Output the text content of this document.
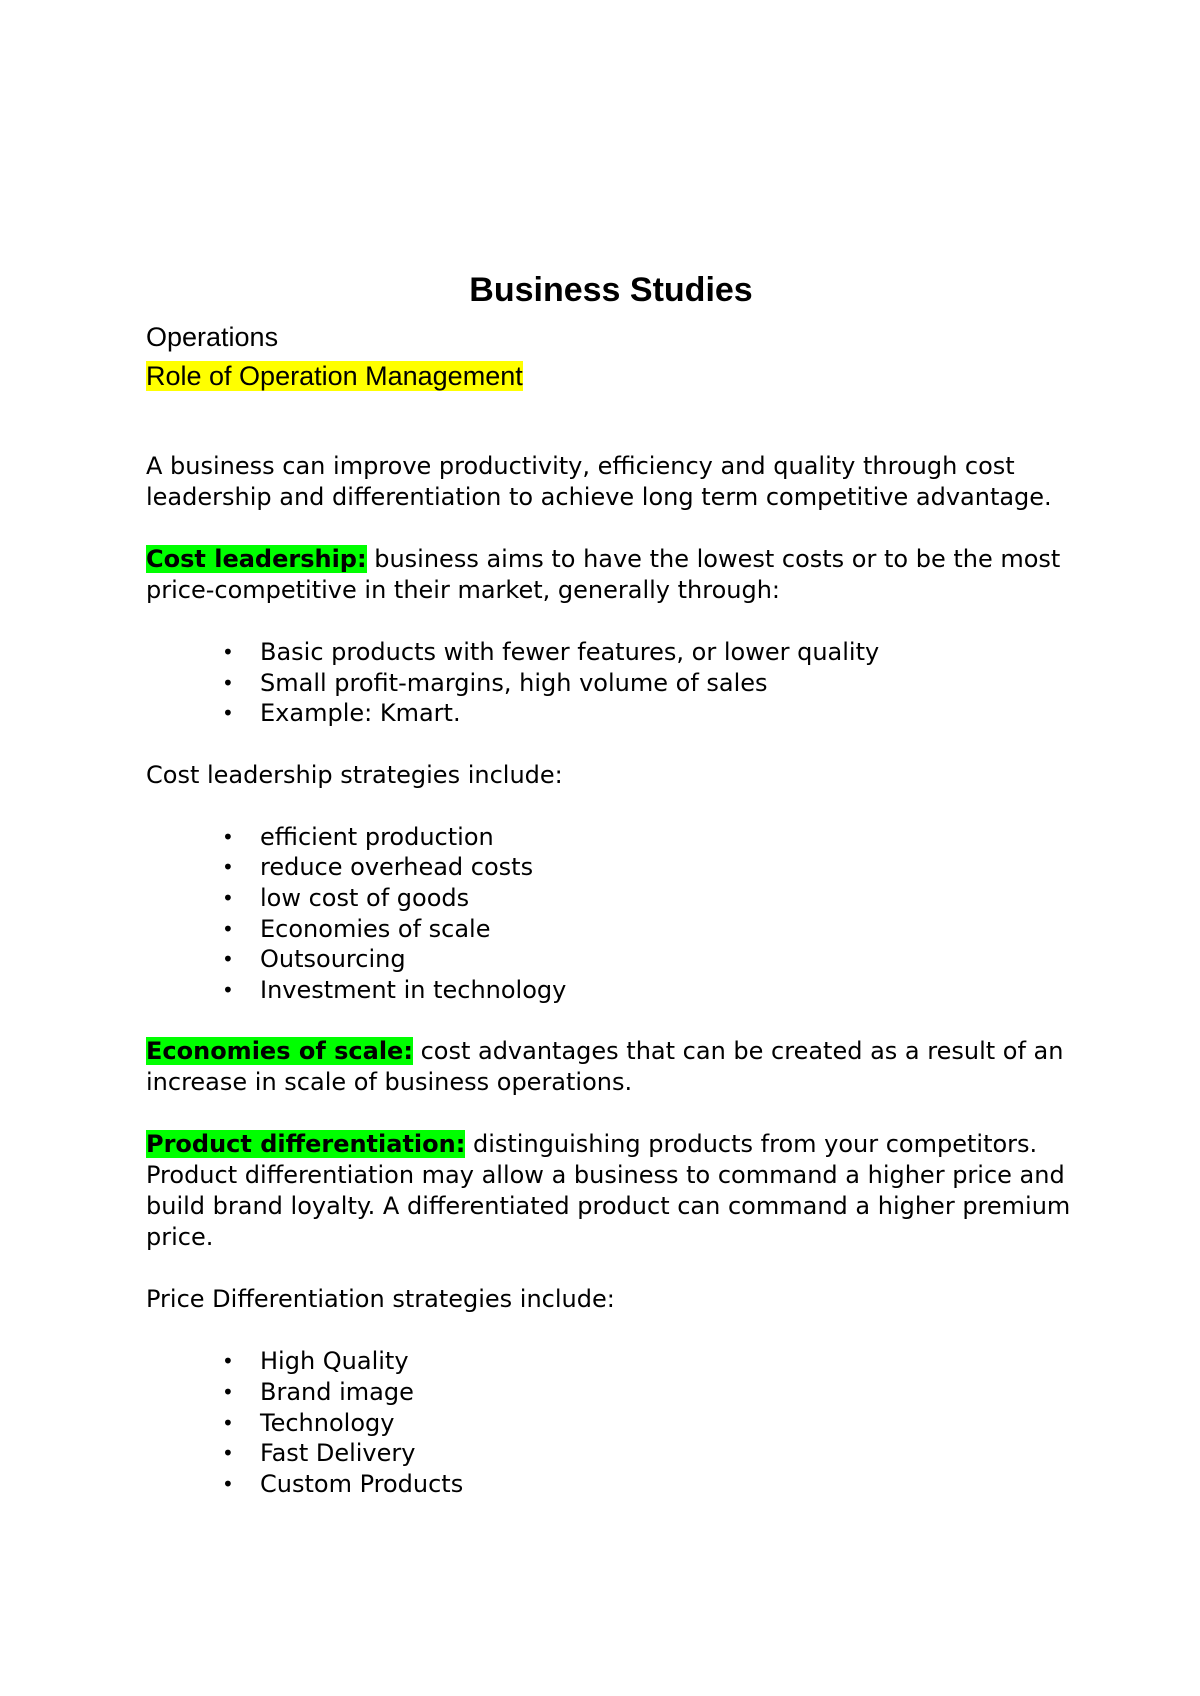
Business Studies

Operations

Role of Operation Management

A business can improve productivity, efficiency and quality through cost leadership and differentiation to achieve long term competitive advantage.

Cost leadership: business aims to have the lowest costs or to be the most price-competitive in their market, generally through:

• Basic products with fewer features, or lower quality
• Small profit-margins, high volume of sales
• Example: Kmart.

Cost leadership strategies include:

• efficient production
• reduce overhead costs
• low cost of goods
• Economies of scale
• Outsourcing
• Investment in technology

Economies of scale: cost advantages that can be created as a result of an increase in scale of business operations.

Product differentiation: distinguishing products from your competitors. Product differentiation may allow a business to command a higher price and build brand loyalty. A differentiated product can command a higher premium price.

Price Differentiation strategies include:

• High Quality
• Brand image
• Technology
• Fast Delivery
• Custom Products
